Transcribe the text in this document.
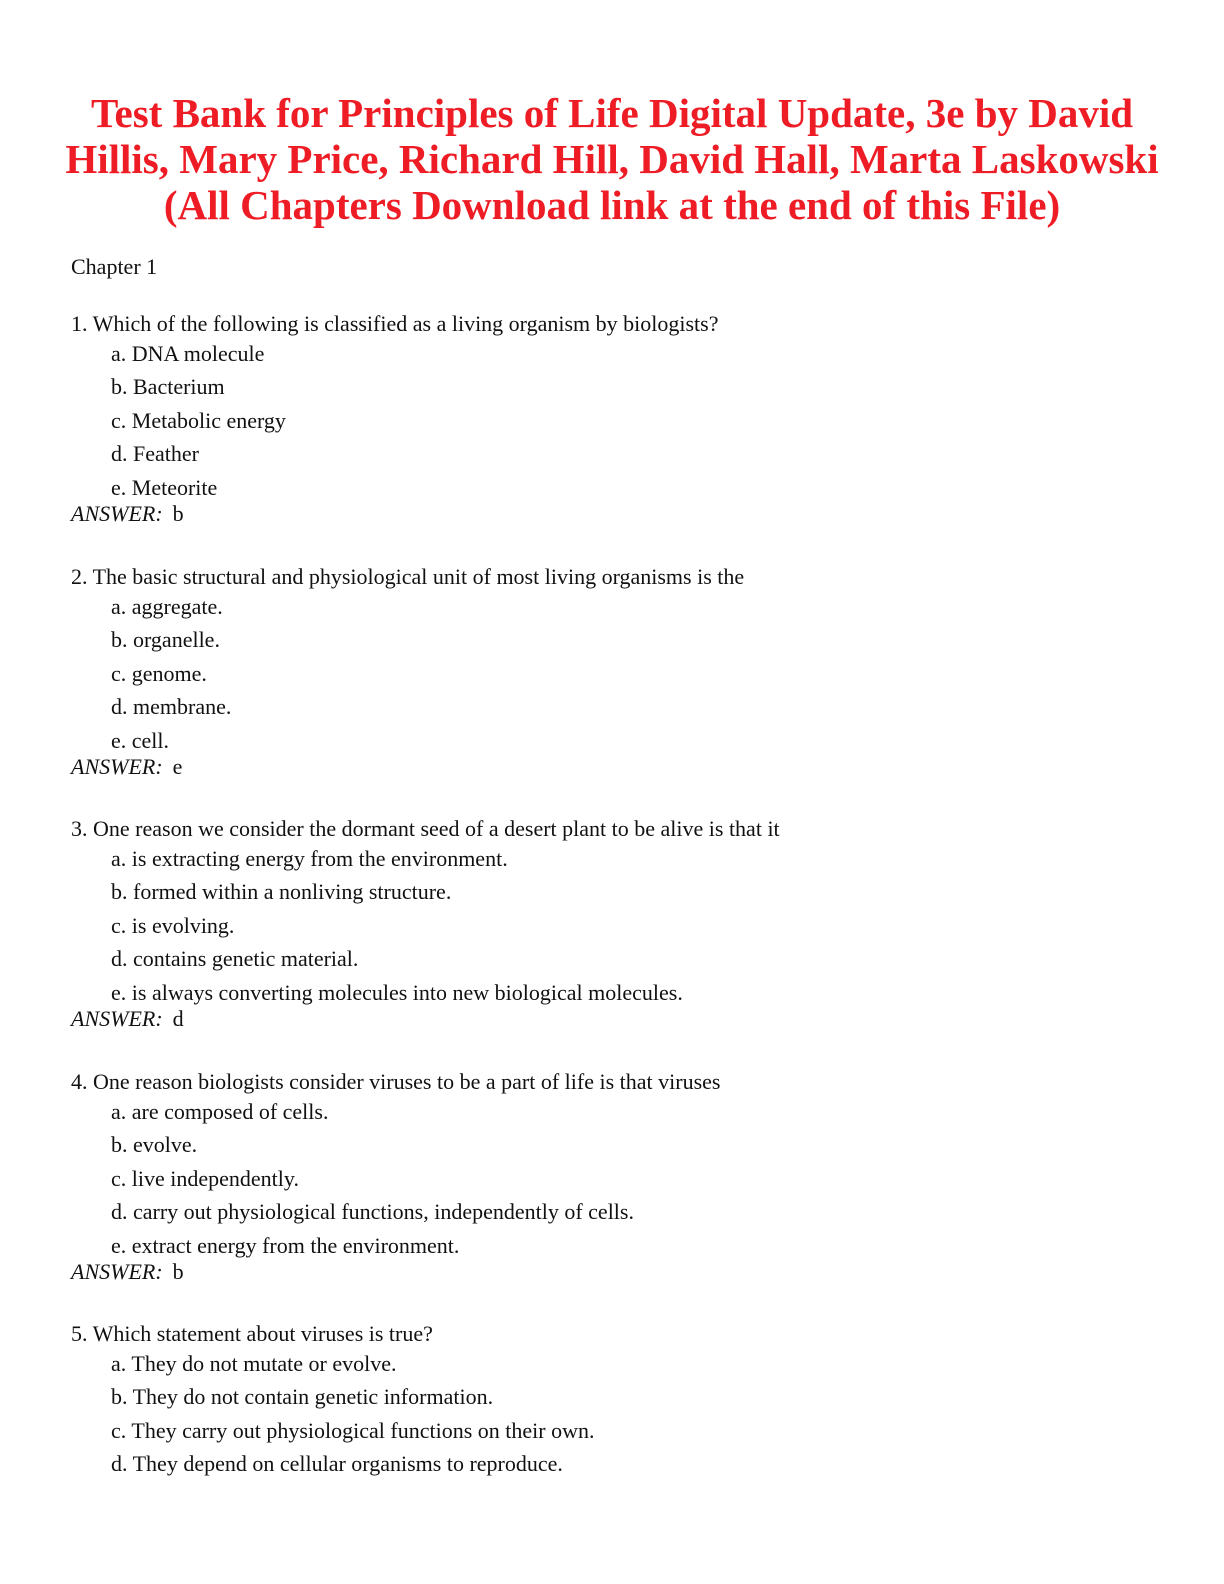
Test Bank for Principles of Life Digital Update, 3e by David
Hillis, Mary Price, Richard Hill, David Hall, Marta Laskowski
(All Chapters Download link at the end of this File)
Chapter 1
1. Which of the following is classified as a living organism by biologists?
a. DNA molecule
b. Bacterium
c. Metabolic energy
d. Feather
e. Meteorite
ANSWER: b
2. The basic structural and physiological unit of most living organisms is the
a. aggregate.
b. organelle.
c. genome.
d. membrane.
e. cell.
ANSWER: e
3. One reason we consider the dormant seed of a desert plant to be alive is that it
a. is extracting energy from the environment.
b. formed within a nonliving structure.
c. is evolving.
d. contains genetic material.
e. is always converting molecules into new biological molecules.
ANSWER: d
4. One reason biologists consider viruses to be a part of life is that viruses
a. are composed of cells.
b. evolve.
c. live independently.
d. carry out physiological functions, independently of cells.
e. extract energy from the environment.
ANSWER: b
5. Which statement about viruses is true?
a. They do not mutate or evolve.
b. They do not contain genetic information.
c. They carry out physiological functions on their own.
d. They depend on cellular organisms to reproduce.
